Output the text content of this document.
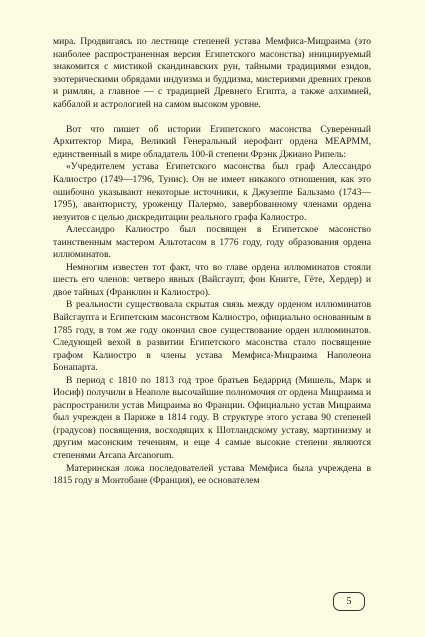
мира. Продвигаясь по лестнице степеней устава Мемфиса-Мицраима (это наиболее распространенная версия Египетского масонства) инициируемый знакомится с мистикой скандинавских рун, тайными традициями езидов, эзотерическими обрядами индуизма и буддизма, мистериями древних греков и римлян, а главное — с традицией Древнего Египта, а также алхимией, каббалой и астрологией на самом высоком уровне.

Вот что пишет об истории Египетского масонства Суверенный Архитектор Мира, Великий Генеральный иерофант ордена МЕАРММ, единственный в мире обладатель 100-й степени Фрэнк Джиано Рипель:

«Учредителем устава Египетского масонства был граф Алессандро Калиостро (1749—1796, Тунис). Он не имеет никакого отношения, как это ошибочно указывают некоторые источники, к Джузеппе Бальзамо (1743—1795), авантюристу, уроженцу Палермо, завербованному членами ордена иезуитов с целью дискредитации реального графа Калиостро.

Алессандро Калиостро был посвящен в Египетское масонство таинственным мастером Альтотасом в 1776 году, году образования ордена иллюминатов.

Немногим известен тот факт, что во главе ордена иллюминатов стояли шесть его членов: четверо явных (Вайсгаупт, фон Книгге, Гёте, Хердер) и двое тайных (Франклин и Калиостро).

В реальности существовала скрытая связь между орденом иллюминатов Вайсгаупта и Египетским масонством Калиостро, официально основанным в 1785 году, в том же году окончил свое существование орден иллюминатов. Следующей вехой в развитии Египетского масонства стало посвящение графом Калиостро в члены устава Мемфиса-Мицраима Наполеона Бонапарта.

В период с 1810 по 1813 год трое братьев Бедаррид (Мишель, Марк и Иосиф) получили в Неаполе высочайшие полномочия от ордена Мицраима и распространили устав Мицраима во Франции. Официально устав Мицраима был учрежден в Париже в 1814 году. В структуре этого устава 90 степеней (градусов) посвящения, восходящих к Шотландскому уставу, мартинизму и другим масонским течениям, и еще 4 самые высокие степени являются степенями Arcana Arcanorum.

Материнская ложа последователей устава Мемфиса была учреждена в 1815 году в Монтобане (Франция), ее основателем

5
